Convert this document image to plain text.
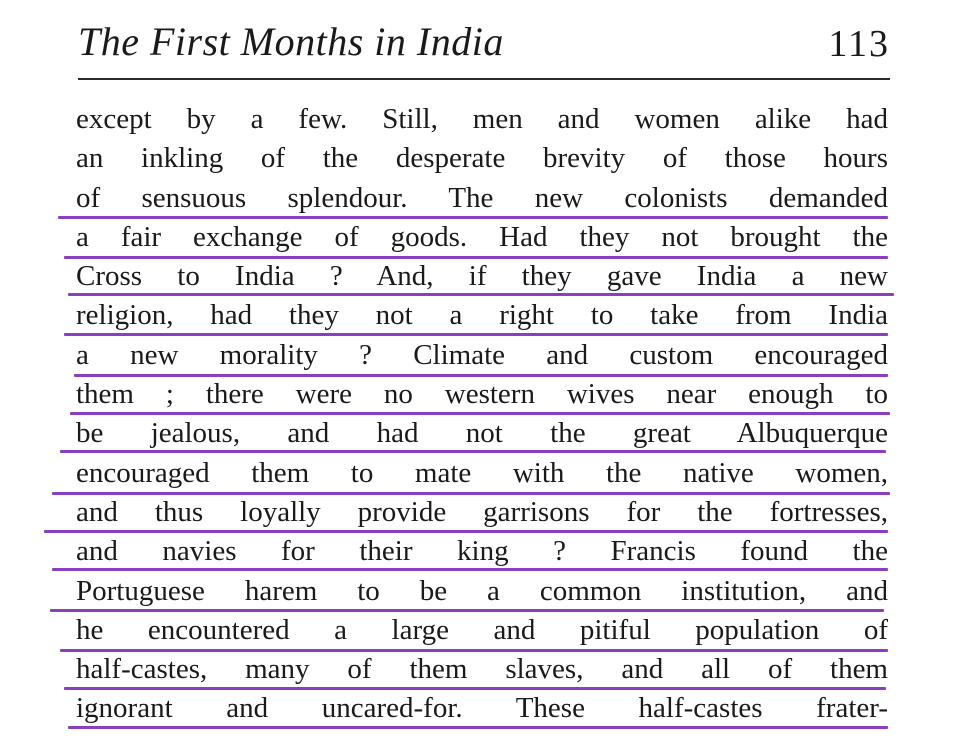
The First Months in India	113
except by a few. Still, men and women alike had
an inkling of the desperate brevity of those hours
of sensuous splendour. The new colonists demanded
a fair exchange of goods. Had they not brought the
Cross to India ? And, if they gave India a new
religion, had they not a right to take from India
a new morality ? Climate and custom encouraged
them ; there were no western wives near enough to
be jealous, and had not the great Albuquerque
encouraged them to mate with the native women,
and thus loyally provide garrisons for the fortresses,
and navies for their king ? Francis found the
Portuguese harem to be a common institution, and
he encountered a large and pitiful population of
half-castes, many of them slaves, and all of them
ignorant and uncared-for. These half-castes frater-
